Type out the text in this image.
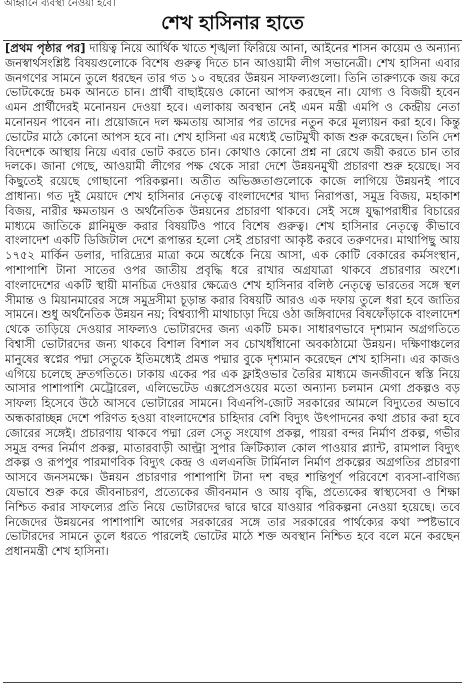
আহ্বানে ব্যবস্থা নেওয়া হবে।

শেখ হাসিনার হাতে

[প্রথম পৃষ্ঠার পর] দায়িত্ব নিয়ে আর্থিক খাতে শৃঙ্খলা ফিরিয়ে আনা, আইনের শাসন কায়েম ও অন্যান্য জনস্বার্থসংশ্লিষ্ট বিষয়গুলোকে বিশেষ গুরুত্ব দিতে চান আওয়ামী লীগ সভানেত্রী। শেখ হাসিনা এবার জনগণের সামনে তুলে ধরছেন তার গত ১০ বছরের উন্নয়ন সাফল্যগুলো। তিনি তারুণ্যকে জয় করে ভোটকেন্দ্রে চমক আনতে চান। প্রার্থী বাছাইয়েও কোনো আপস করছেন না। যোগ্য ও বিজয়ী হবেন এমন প্রার্থীদেরই মনোনয়ন দেওয়া হবে। এলাকায় অবস্থান নেই এমন মন্ত্রী এমপি ও কেন্দ্রীয় নেতা মনোনয়ন পাবেন না। প্রয়োজনে দল ক্ষমতায় আসার পর তাদের নতুন করে মূল্যায়ন করা হবে। কিন্তু ভোটের মাঠে কোনো আপস হবে না। শেখ হাসিনা এর মধ্যেই ভোটমুখী কাজ শুরু করেছেন। তিনি দেশ বিদেশকে আস্থায় নিয়ে এবার ভোট করতে চান। কোথাও কোনো প্রশ্ন না রেখে জয়ী করতে চান তার দলকে। জানা গেছে, আওয়ামী লীগের পক্ষ থেকে সারা দেশে উন্নয়নমুখী প্রচারণা শুরু হয়েছে। সব কিছুতেই রয়েছে গোছানো পরিকল্পনা। অতীত অভিজ্ঞতাগুলোকে কাজে লাগিয়ে উন্নয়নই পাবে প্রাধান্য। গত দুই মেয়াদে শেখ হাসিনার নেতৃত্বে বাংলাদেশের খাদ্য নিরাপত্তা, সমুদ্র বিজয়, মহাকাশ বিজয়, নারীর ক্ষমতায়ন ও অর্থনৈতিক উন্নয়নের প্রচারণা থাকবে। সেই সঙ্গে যুদ্ধাপরাধীর বিচারের মাধ্যমে জাতিকে গ্লানিমুক্ত করার বিষয়টিও পাবে বিশেষ গুরুত্ব। শেখ হাসিনার নেতৃত্বে কীভাবে বাংলাদেশ একটি ডিজিটাল দেশে রূপান্তর হলো সেই প্রচারণা আকৃষ্ট করবে তরুণদের। মাথাপিছু আয় ১৭৫২ মার্কিন ডলার, দারিদ্র্যের মাত্রা কমে অর্ধেকে নিয়ে আসা, এক কোটি বেকারের কর্মসংস্থান, পাশাপাশি টানা সাতের ওপর জাতীয় প্রবৃদ্ধি ধরে রাখার অগ্রযাত্রা থাকবে প্রচারণার অংশে। বাংলাদেশের একটি স্থায়ী মানচিত্র দেওয়ার ক্ষেত্রেও শেখ হাসিনার বলিষ্ঠ নেতৃত্বে ভারতের সঙ্গে স্থল সীমান্ত ও মিয়ানমারের সঙ্গে সমুদ্রসীমা চূড়ান্ত করার বিষয়টি আরও এক দফায় তুলে ধরা হবে জাতির সামনে। শুধু অর্থনৈতিক উন্নয়ন নয়; বিশ্বব্যাপী মাথাচাড়া দিয়ে ওঠা জঙ্গিবাদের বিষফোঁড়াকে বাংলাদেশ থেকে তাড়িয়ে দেওয়ার সাফল্যও ভোটারদের জন্য একটি চমক। সাধারণভাবে দৃশ্যমান অগ্রগতিতে বিশ্বাসী ভোটারদের জন্য থাকবে বিশাল বিশাল সব চোখধাঁধানো অবকাঠামো উন্নয়ন। দক্ষিণাঞ্চলের মানুষের স্বপ্নের পদ্মা সেতুকে ইতিমধ্যেই প্রমত্ত পদ্মার বুকে দৃশ্যমান করেছেন শেখ হাসিনা। এর কাজও এগিয়ে চলেছে দ্রুতগতিতে। ঢাকায় একের পর এক ফ্লাইওভার তৈরির মাধ্যমে জনজীবনে স্বস্তি নিয়ে আসার পাশাপাশি মেট্রোরেল, এলিভেটেড এক্সপ্রেসওয়ের মতো অন্যান্য চলমান মেগা প্রকল্পও বড় সাফল্য হিসেবে উঠে আসবে ভোটারের সামনে। বিএনপি-জোট সরকারের আমলে বিদ্যুতের অভাবে অন্ধকারাচ্ছন্ন দেশে পরিণত হওয়া বাংলাদেশের চাহিদার বেশি বিদ্যুৎ উৎপাদনের কথা প্রচার করা হবে জোরের সঙ্গেই। প্রচারণায় থাকবে পদ্মা রেল সেতু সংযোগ প্রকল্প, পায়রা বন্দর নির্মাণ প্রকল্প, গভীর সমুদ্র বন্দর নির্মাণ প্রকল্প, মাতারবাড়ী আল্ট্রা সুপার ক্রিটিক্যাল কোল পাওয়ার প্ল্যান্ট, রামপাল বিদ্যুৎ প্রকল্প ও রূপপুর পারমাণবিক বিদ্যুৎ কেন্দ্র ও এলএনজি টার্মিনাল নির্মাণ প্রকল্পের অগ্রগতির প্রচারণা আসবে জনসমক্ষে। উন্নয়ন প্রচারণার পাশাপাশি টানা দশ বছর শান্তিপূর্ণ পরিবেশে ব্যবসা-বাণিজ্য যেভাবে শুরু করে জীবনাচরণ, প্রত্যেকের জীবনমান ও আয় বৃদ্ধি, প্রত্যেকের স্বাস্থ্যসেবা ও শিক্ষা নিশ্চিত করার সাফল্যের প্রতি নিয়ে ভোটারদের দ্বারে দ্বারে যাওয়ার পরিকল্পনা নেওয়া হয়েছে। তবে নিজেদের উন্নয়নের পাশাপাশি আগের সরকারের সঙ্গে তার সরকারের পার্থক্যের কথা স্পষ্টভাবে ভোটারদের সামনে তুলে ধরতে পারলেই ভোটের মাঠে শক্ত অবস্থান নিশ্চিত হবে বলে মনে করছেন প্রধানমন্ত্রী শেখ হাসিনা।
